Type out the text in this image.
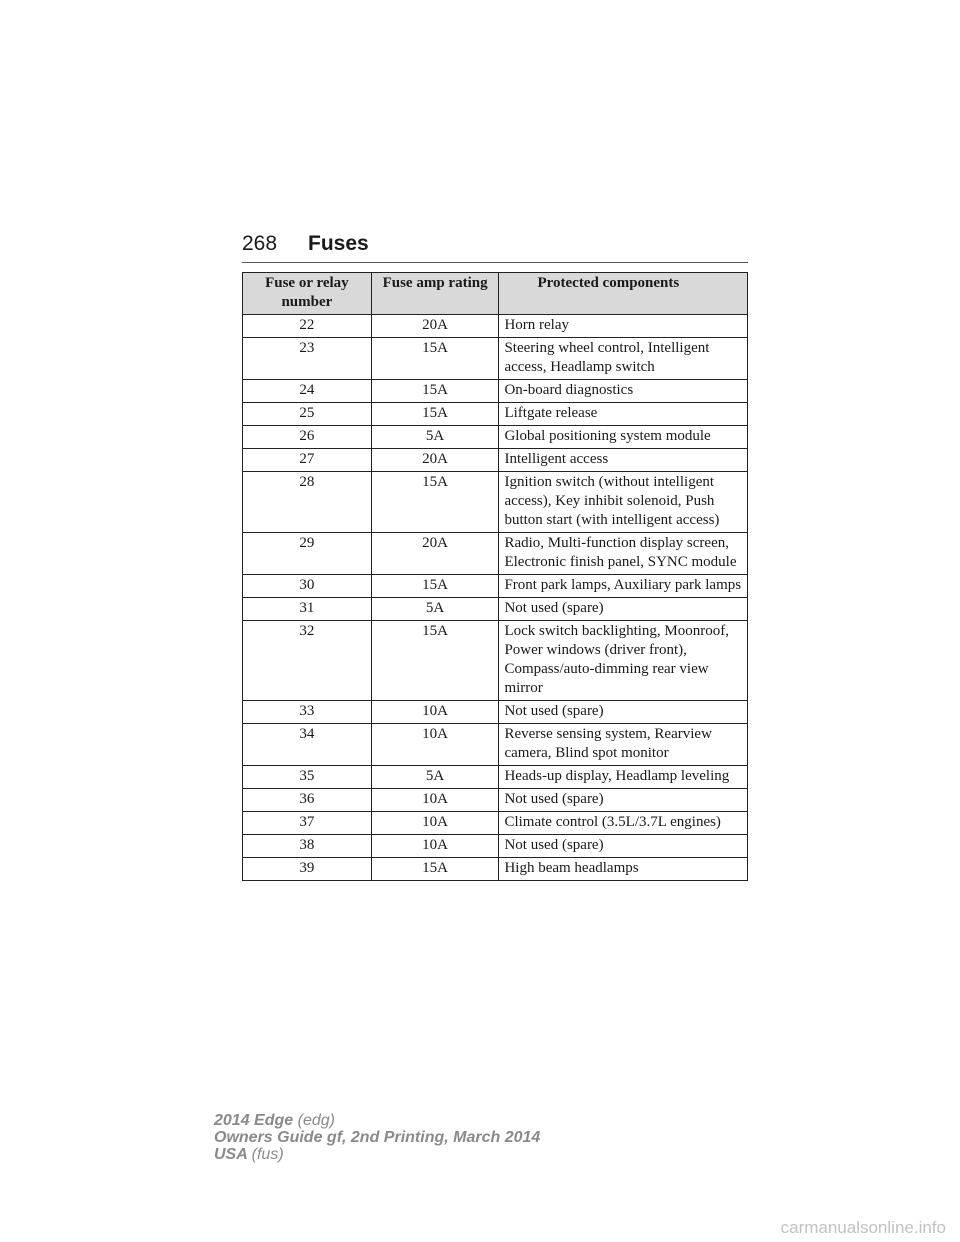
268 Fuses
Fuse or relay number	Fuse amp rating	Protected components
22	20A	Horn relay
23	15A	Steering wheel control, Intelligent access, Headlamp switch
24	15A	On-board diagnostics
25	15A	Liftgate release
26	5A	Global positioning system module
27	20A	Intelligent access
28	15A	Ignition switch (without intelligent access), Key inhibit solenoid, Push button start (with intelligent access)
29	20A	Radio, Multi-function display screen, Electronic finish panel, SYNC module
30	15A	Front park lamps, Auxiliary park lamps
31	5A	Not used (spare)
32	15A	Lock switch backlighting, Moonroof, Power windows (driver front), Compass/auto-dimming rear view mirror
33	10A	Not used (spare)
34	10A	Reverse sensing system, Rearview camera, Blind spot monitor
35	5A	Heads-up display, Headlamp leveling
36	10A	Not used (spare)
37	10A	Climate control (3.5L/3.7L engines)
38	10A	Not used (spare)
39	15A	High beam headlamps
2014 Edge (edg)
Owners Guide gf, 2nd Printing, March 2014
USA (fus)
carmanualsonline.info
